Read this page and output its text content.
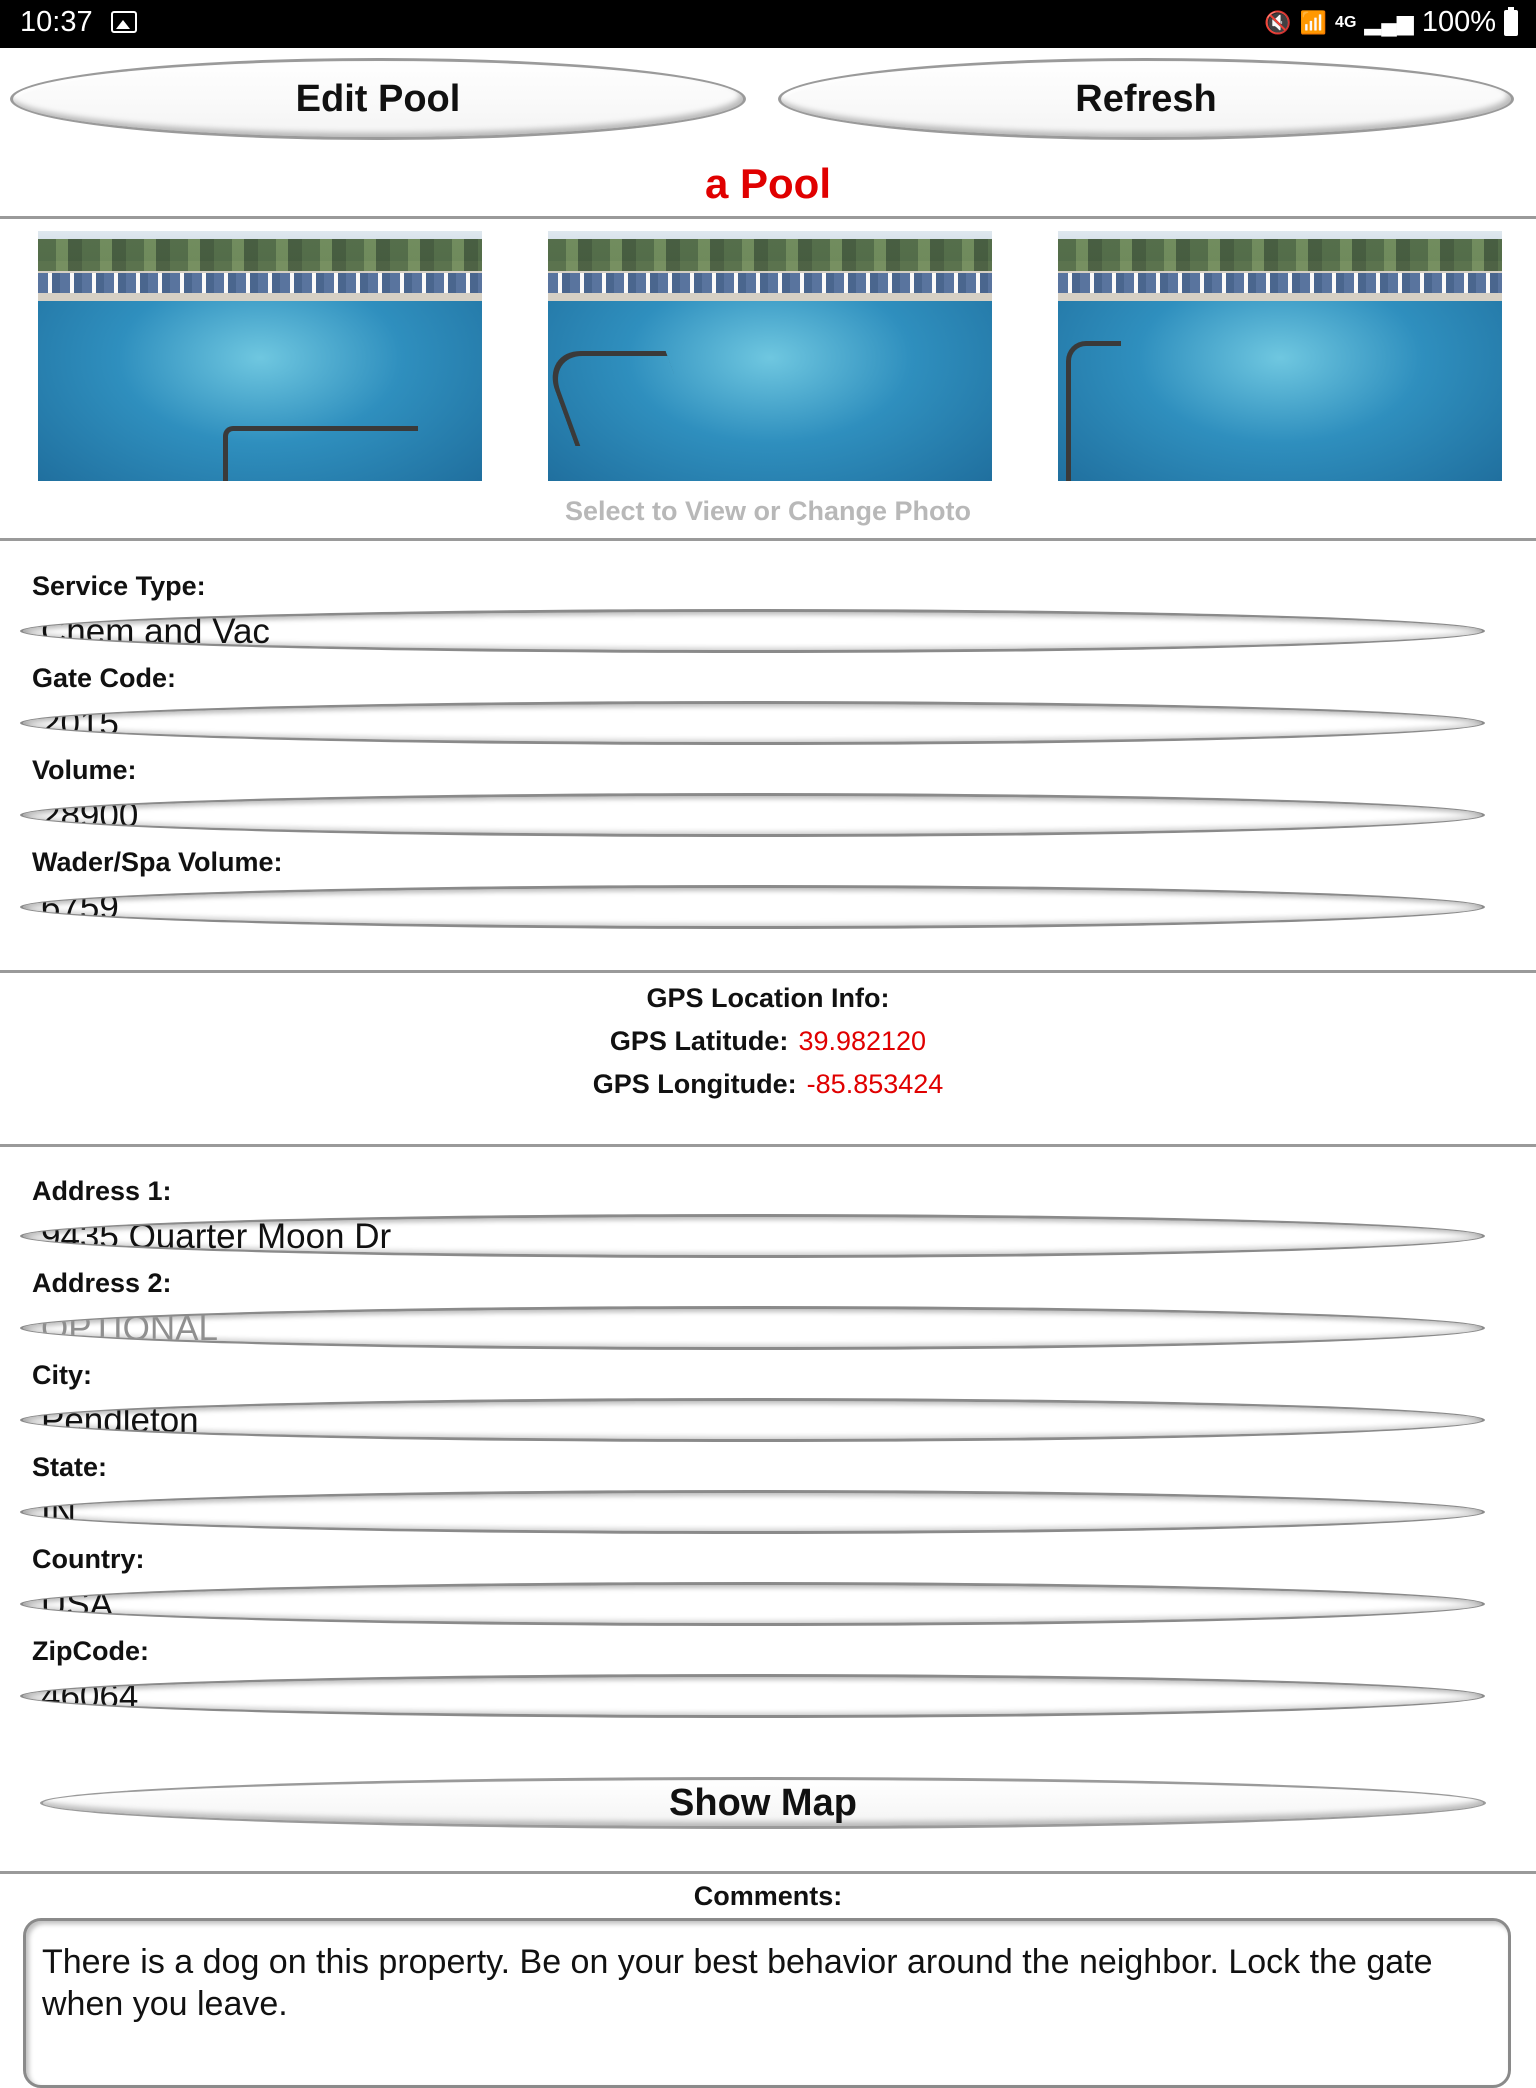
10:37	🔇 📶 4G ▂▄▆ 100%
Edit Pool	Refresh
a Pool
Select to View or Change Photo
Service Type:
Chem and Vac
Gate Code:
2015
Volume:
28900
Wader/Spa Volume:
6759
GPS Location Info:
GPS Latitude: 39.982120
GPS Longitude: -85.853424
Address 1:
9435 Quarter Moon Dr
Address 2:
OPTIONAL
City:
Pendleton
State:
IN
Country:
USA
ZipCode:
46064
Show Map
Comments:
There is a dog on this property. Be on your best behavior around the neighbor. Lock the gate when you leave.
